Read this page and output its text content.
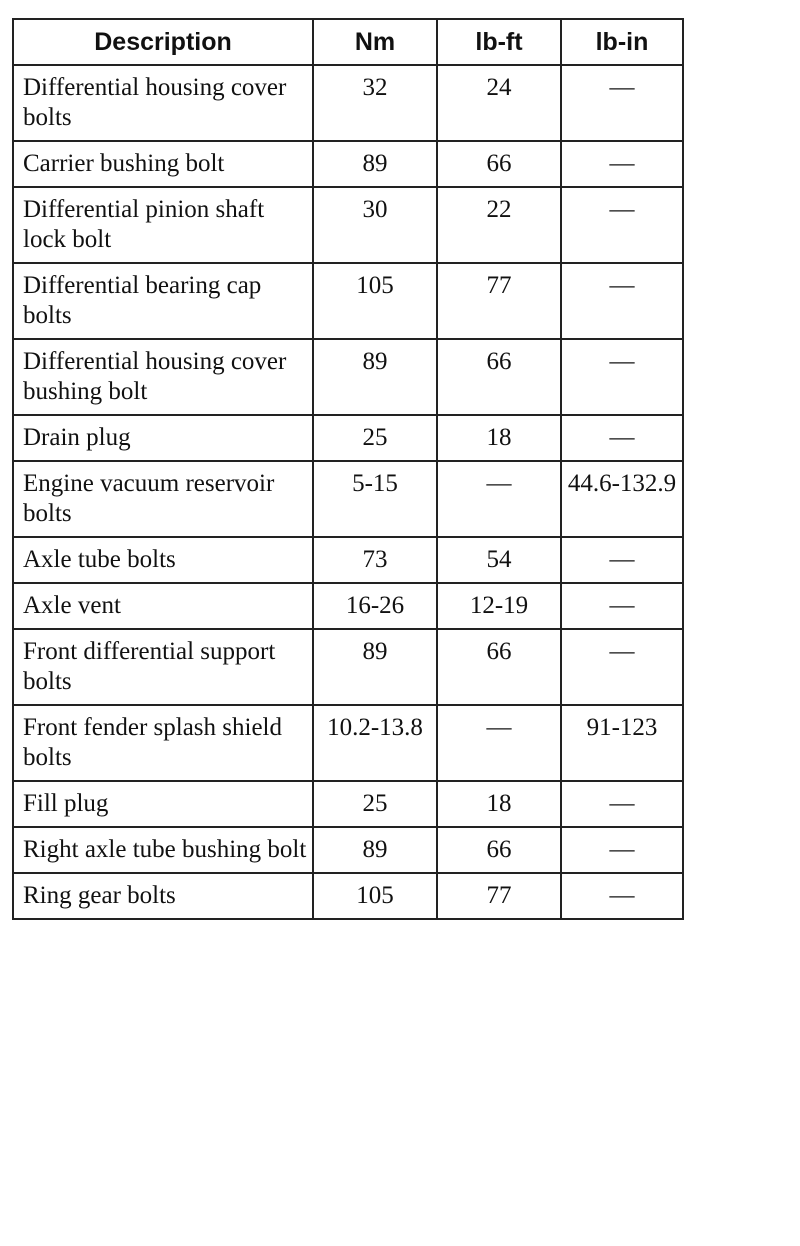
Description	Nm	lb-ft	lb-in
Differential housing cover bolts	32	24	—
Carrier bushing bolt	89	66	—
Differential pinion shaft lock bolt	30	22	—
Differential bearing cap bolts	105	77	—
Differential housing cover bushing bolt	89	66	—
Drain plug	25	18	—
Engine vacuum reservoir bolts	5-15	—	44.6-132.9
Axle tube bolts	73	54	—
Axle vent	16-26	12-19	—
Front differential support bolts	89	66	—
Front fender splash shield bolts	10.2-13.8	—	91-123
Fill plug	25	18	—
Right axle tube bushing bolt	89	66	—
Ring gear bolts	105	77	—
